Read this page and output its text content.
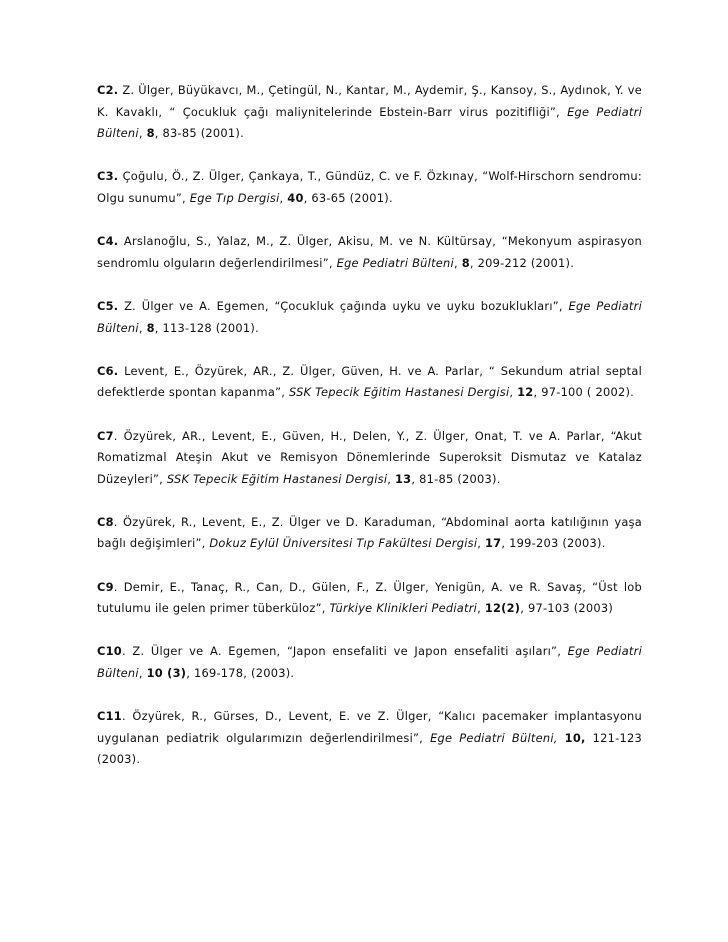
C2. Z. Ülger, Büyükavcı, M., Çetingül, N., Kantar, M., Aydemir, Ş., Kansoy, S., Aydınok, Y. ve K. Kavaklı, “ Çocukluk çağı maliynitelerinde Ebstein-Barr virus pozitifliği”, Ege Pediatri Bülteni, 8, 83-85 (2001).

C3. Çoğulu, Ö., Z. Ülger, Çankaya, T., Gündüz, C. ve F. Özkınay, “Wolf-Hirschorn sendromu: Olgu sunumu”, Ege Tıp Dergisi, 40, 63-65 (2001).

C4. Arslanoğlu, S., Yalaz, M., Z. Ülger, Akisu, M. ve N. Kültürsay, “Mekonyum aspirasyon sendromlu olguların değerlendirilmesi”, Ege Pediatri Bülteni, 8, 209-212 (2001).

C5. Z. Ülger ve A. Egemen, “Çocukluk çağında uyku ve uyku bozuklukları”, Ege Pediatri Bülteni, 8, 113-128 (2001).

C6. Levent, E., Özyürek, AR., Z. Ülger, Güven, H. ve A. Parlar, “ Sekundum atrial septal defektlerde spontan kapanma”, SSK Tepecik Eğitim Hastanesi Dergisi, 12, 97-100 ( 2002).

C7. Özyürek, AR., Levent, E., Güven, H., Delen, Y., Z. Ülger, Onat, T. ve A. Parlar, “Akut Romatizmal Ateşin Akut ve Remisyon Dönemlerinde Superoksit Dismutaz ve Katalaz Düzeyleri”, SSK Tepecik Eğitim Hastanesi Dergisi, 13, 81-85 (2003).

C8. Özyürek, R., Levent, E., Z. Ülger ve D. Karaduman, “Abdominal aorta katılığının yaşa bağlı değişimleri”, Dokuz Eylül Üniversitesi Tıp Fakültesi Dergisi, 17, 199-203 (2003).

C9. Demir, E., Tanaç, R., Can, D., Gülen, F., Z. Ülger, Yenigün, A. ve R. Savaş, “Üst lob tutulumu ile gelen primer tüberküloz”, Türkiye Klinikleri Pediatri, 12(2), 97-103 (2003)

C10. Z. Ülger ve A. Egemen, “Japon ensefaliti ve Japon ensefaliti aşıları”, Ege Pediatri Bülteni, 10 (3), 169-178, (2003).

C11. Özyürek, R., Gürses, D., Levent, E. ve Z. Ülger, “Kalıcı pacemaker implantasyonu uygulanan pediatrik olgularımızın değerlendirilmesi”, Ege Pediatri Bülteni, 10, 121-123 (2003).
